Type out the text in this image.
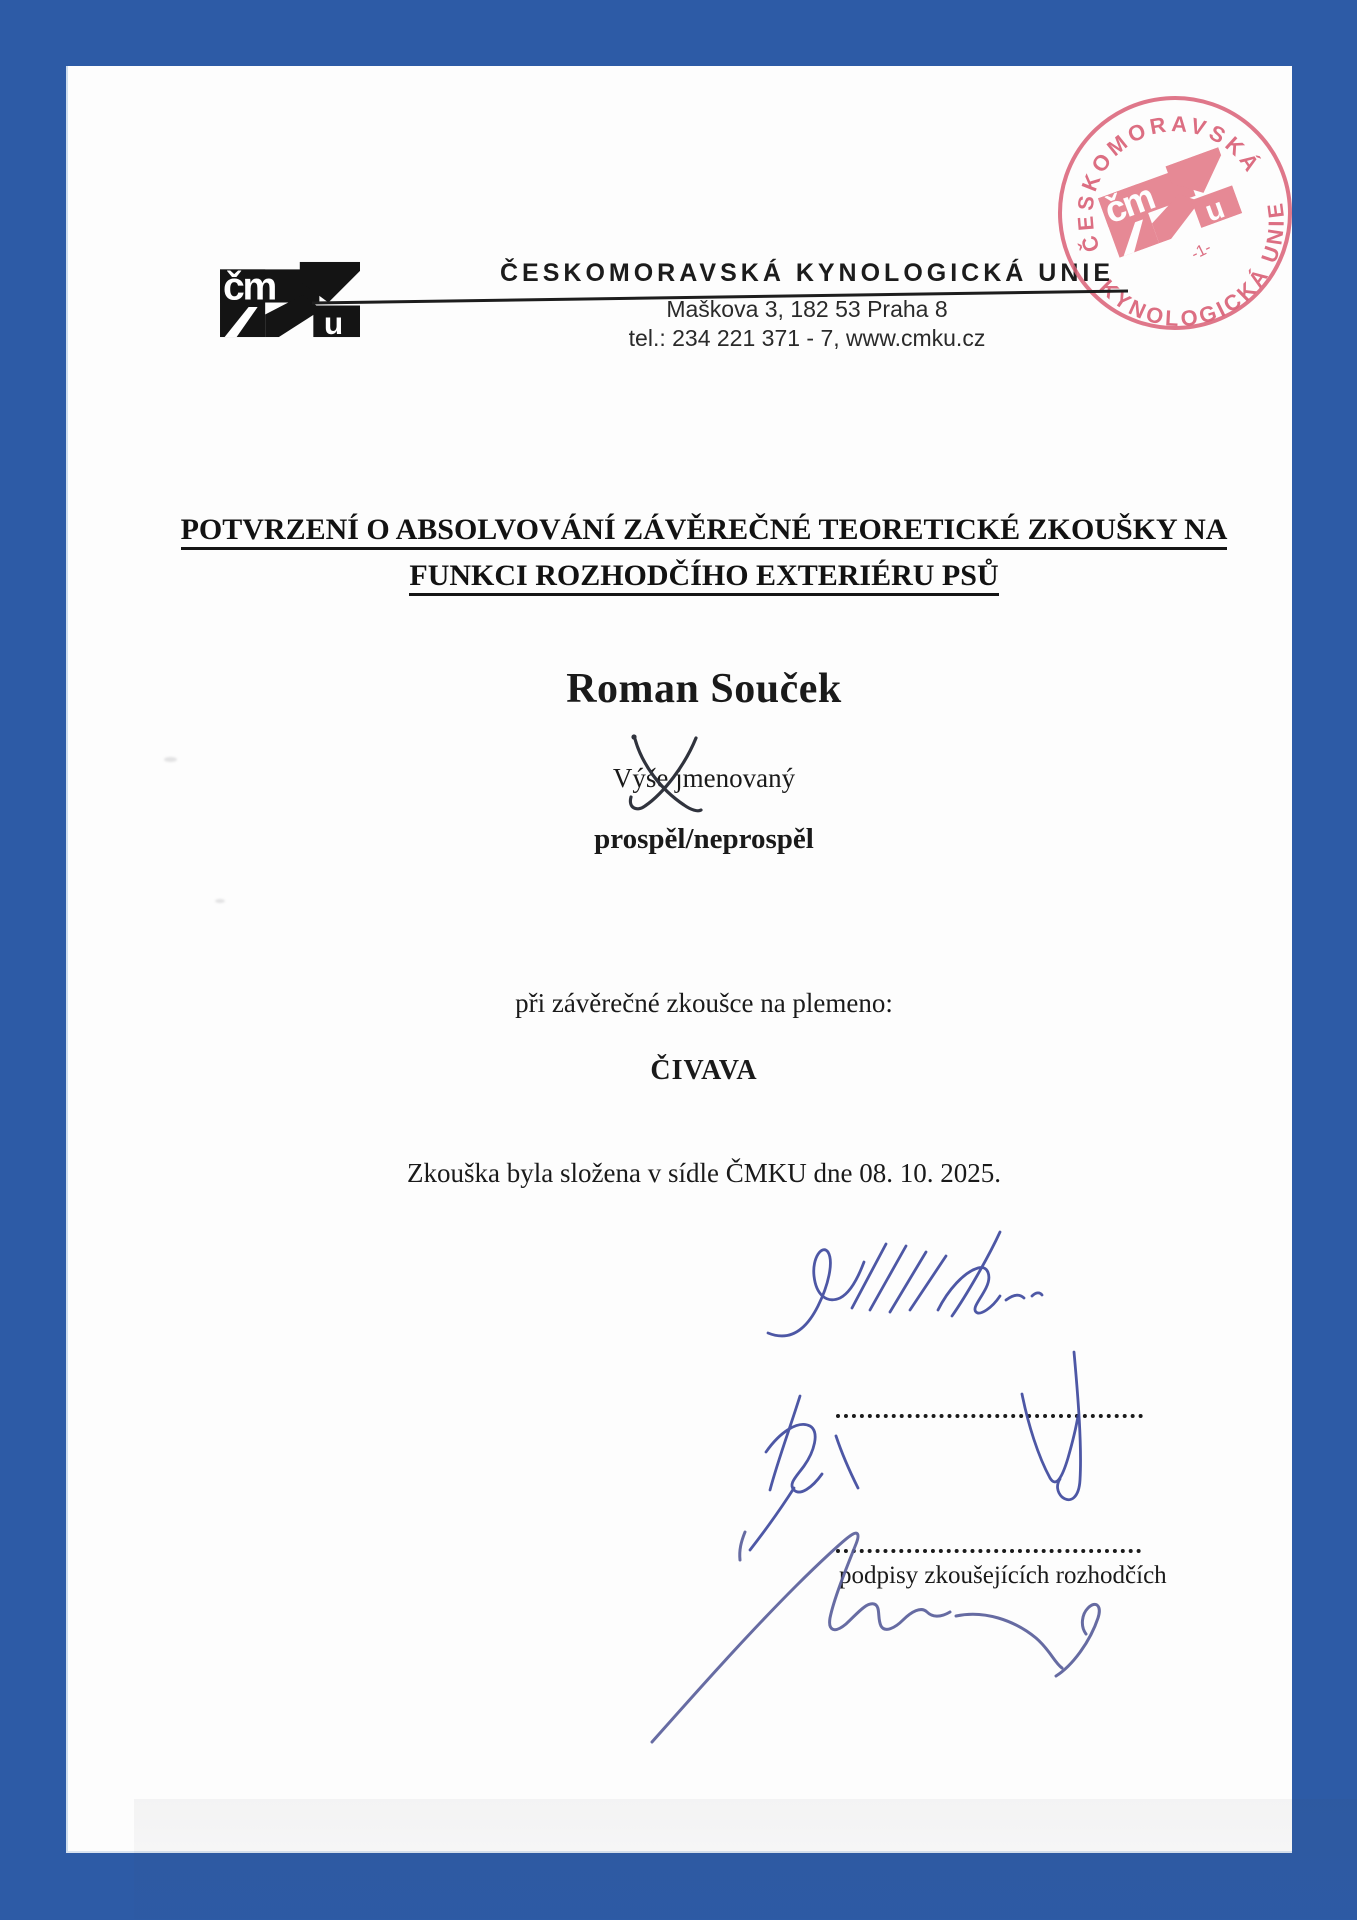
ČESKOMORAVSKÁ KYNOLOGICKÁ UNIE
Maškova 3, 182 53 Praha 8
tel.: 234 221 371 - 7, www.cmku.cz
POTVRZENÍ O ABSOLVOVÁNÍ ZÁVĚREČNÉ TEORETICKÉ ZKOUŠKY NA
FUNKCI ROZHODČÍHO EXTERIÉRU PSŮ
Roman Souček
Výše jmenovaný
prospěl/neprospěl
při závěrečné zkoušce na plemeno:
ČIVAVA
Zkouška byla složena v sídle ČMKU dne 08. 10. 2025.
podpisy zkoušejících rozhodčích
ČESKOMORAVSKÁ
KYNOLOGICKÁ UNIE
-1-
